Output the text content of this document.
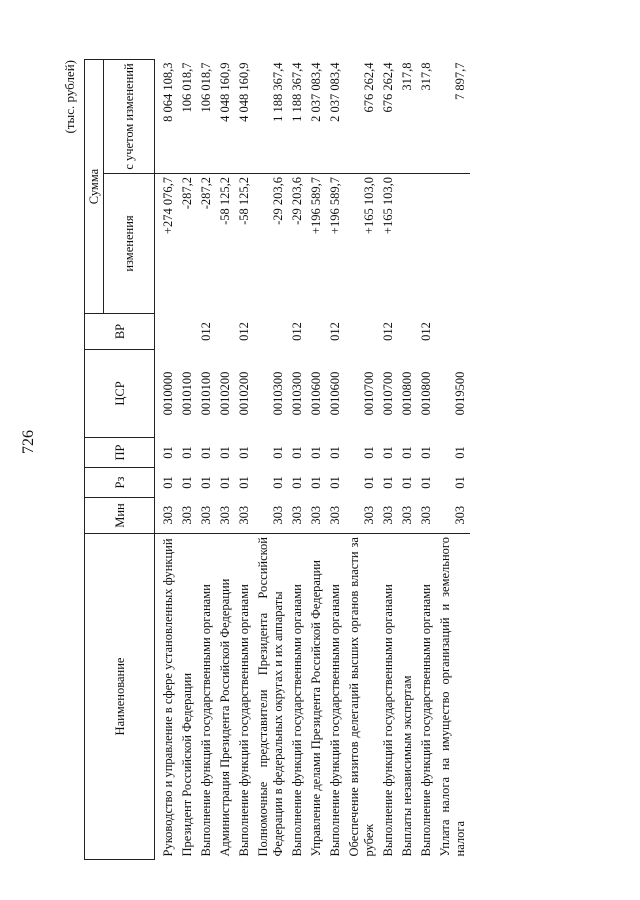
726
(тыс. рублей)
Наименование	Мин	Рз	ПР	ЦСР	ВР	Сумма	
						изменения	с учетом изменений
Руководство и управление в сфере установленных функций	303	01	01	0010000		+274 076,7	8 064 108,3
Президент Российской Федерации	303	01	01	0010100		-287,2	106 018,7
Выполнение функций государственными органами	303	01	01	0010100	012	-287,2	106 018,7
Администрация Президента Российской Федерации	303	01	01	0010200		-58 125,2	4 048 160,9
Выполнение функций государственными органами	303	01	01	0010200	012	-58 125,2	4 048 160,9
Полномочные представители Президента Российской Федерации в федеральных округах и их аппараты	303	01	01	0010300		-29 203,6	1 188 367,4
Выполнение функций государственными органами	303	01	01	0010300	012	-29 203,6	1 188 367,4
Управление делами Президента Российской Федерации	303	01	01	0010600		+196 589,7	2 037 083,4
Выполнение функций государственными органами	303	01	01	0010600	012	+196 589,7	2 037 083,4
Обеспечение визитов делегаций высших органов власти за рубеж	303	01	01	0010700		+165 103,0	676 262,4
Выполнение функций государственными органами	303	01	01	0010700	012	+165 103,0	676 262,4
Выплаты независимым экспертам	303	01	01	0010800			317,8
Выполнение функций государственными органами	303	01	01	0010800	012		317,8
Уплата налога на имущество организаций и земельного налога	303	01	01	0019500			7 897,7
